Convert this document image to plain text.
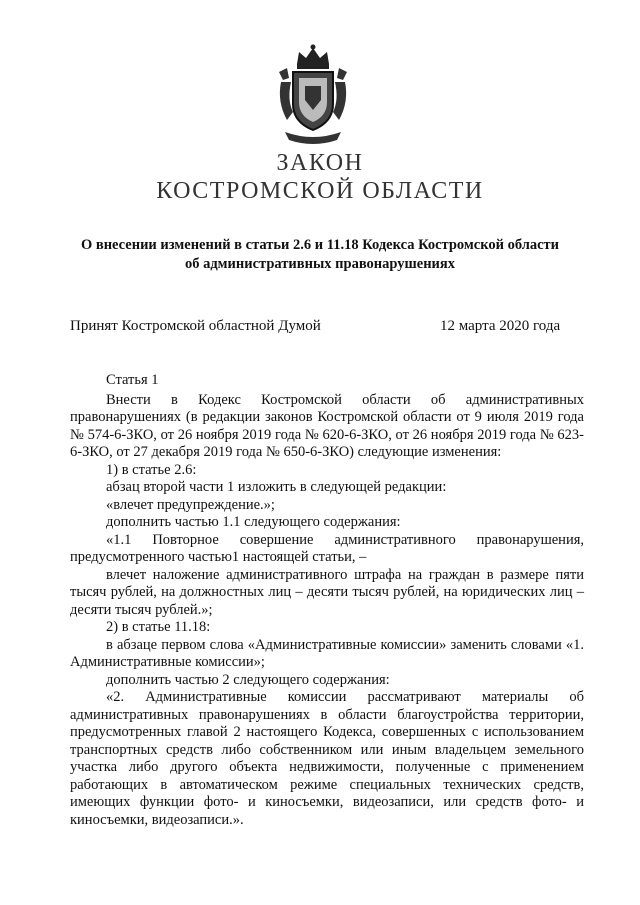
ЗАКОН
КОСТРОМСКОЙ ОБЛАСТИ

О внесении изменений в статьи 2.6 и 11.18 Кодекса Костромской области

об административных правонарушениях

Принят Костромской областной Думой	12 марта 2020 года

Статья 1

Внести в Кодекс Костромской области об административных правонарушениях (в редакции законов Костромской области от 9 июля 2019 года № 574-6-ЗКО, от 26 ноября 2019 года № 620-6-ЗКО, от 26 ноября 2019 года № 623-6-ЗКО, от 27 декабря 2019 года № 650-6-ЗКО) следующие изменения:

1) в статье 2.6:

абзац второй части 1 изложить в следующей редакции:

«влечет предупреждение.»;

дополнить частью 1.1 следующего содержания:

«1.1 Повторное совершение административного правонарушения, предусмотренного частью1 настоящей статьи, –

влечет наложение административного штрафа на граждан в размере пяти тысяч рублей, на должностных лиц – десяти тысяч рублей, на юридических лиц – десяти тысяч рублей.»;

2) в статье 11.18:

в абзаце первом слова «Административные комиссии» заменить словами «1. Административные комиссии»;

дополнить частью 2 следующего содержания:

«2. Административные комиссии рассматривают материалы об административных правонарушениях в области благоустройства территории, предусмотренных главой 2 настоящего Кодекса, совершенных с использованием транспортных средств либо собственником или иным владельцем земельного участка либо другого объекта недвижимости, полученные с применением работающих в автоматическом режиме специальных технических средств, имеющих функции фото- и киносъемки, видеозаписи, или средств фото- и киносъемки, видеозаписи.».
